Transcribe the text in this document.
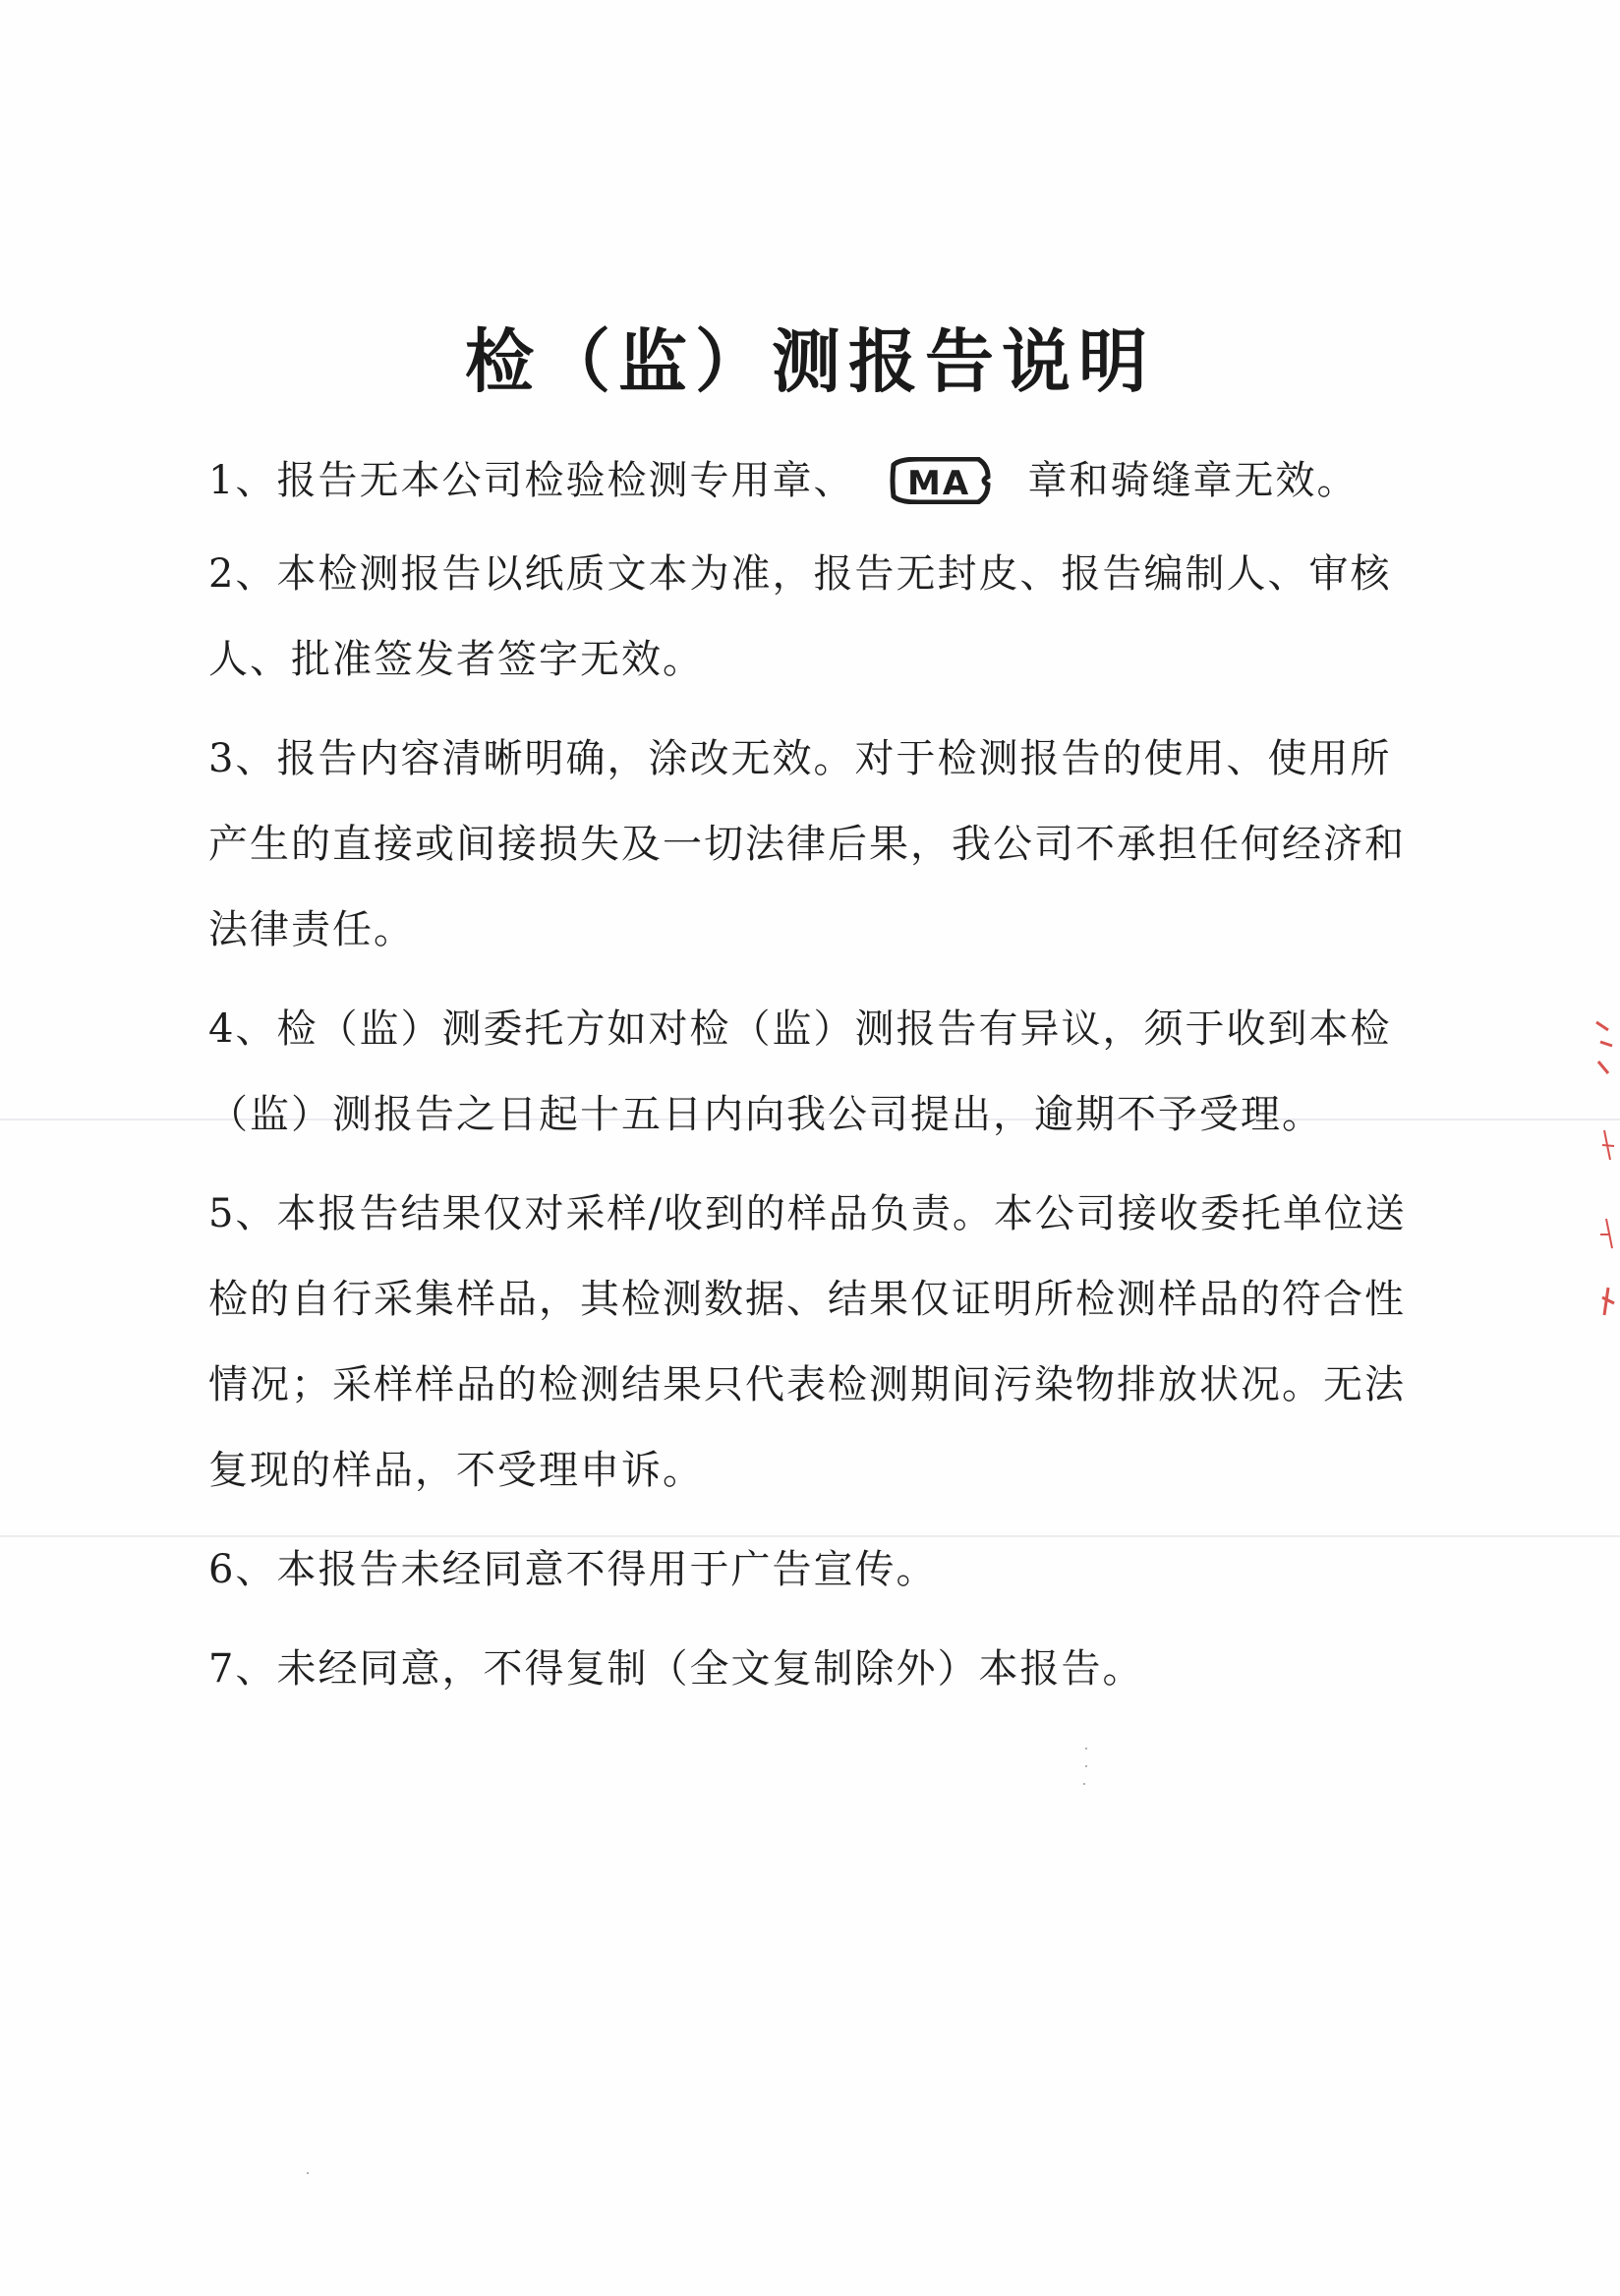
检（监）测报告说明
1、报告无本公司检验检测专用章、 MA 章和骑缝章无效。
2、本检测报告以纸质文本为准，报告无封皮、报告编制人、审核人、批准签发者签字无效。
3、报告内容清晰明确，涂改无效。对于检测报告的使用、使用所产生的直接或间接损失及一切法律后果，我公司不承担任何经济和法律责任。
4、检（监）测委托方如对检（监）测报告有异议，须于收到本检（监）测报告之日起十五日内向我公司提出，逾期不予受理。
5、本报告结果仅对采样/收到的样品负责。本公司接收委托单位送检的自行采集样品，其检测数据、结果仅证明所检测样品的符合性情况；采样样品的检测结果只代表检测期间污染物排放状况。无法复现的样品，不受理申诉。
6、本报告未经同意不得用于广告宣传。
7、未经同意，不得复制（全文复制除外）本报告。
